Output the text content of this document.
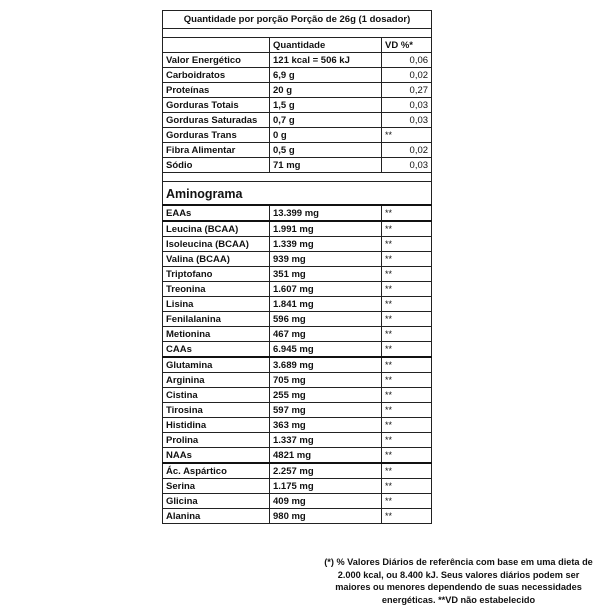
Quantidade por porção Porção de 26g (1 dosador)		

	Quantidade	VD %*
Valor Energético	121 kcal = 506 kJ	0,06
Carboidratos	6,9 g	0,02
Proteínas	20 g	0,27
Gorduras Totais	1,5 g	0,03
Gorduras Saturadas	0,7 g	0,03
Gorduras Trans	0 g	**
Fibra Alimentar	0,5 g	0,02
Sódio	71 mg	0,03

Aminograma		
EAAs	13.399 mg	**
Leucina (BCAA)	1.991 mg	**
Isoleucina (BCAA)	1.339 mg	**
Valina (BCAA)	939 mg	**
Triptofano	351 mg	**
Treonina	1.607 mg	**
Lisina	1.841 mg	**
Fenilalanina	596 mg	**
Metionina	467 mg	**
CAAs	6.945 mg	**
Glutamina	3.689 mg	**
Arginina	705 mg	**
Cistina	255 mg	**
Tirosina	597 mg	**
Histidina	363 mg	**
Prolina	1.337 mg	**
NAAs	4821 mg	**
Ác. Aspártico	2.257 mg	**
Serina	1.175 mg	**
Glicina	409 mg	**
Alanina	980 mg	**
(*) % Valores Diários de referência com base em uma dieta de 2.000 kcal, ou 8.400 kJ. Seus valores diários podem ser maiores ou menores dependendo de suas necessidades energéticas. **VD não estabelecido
